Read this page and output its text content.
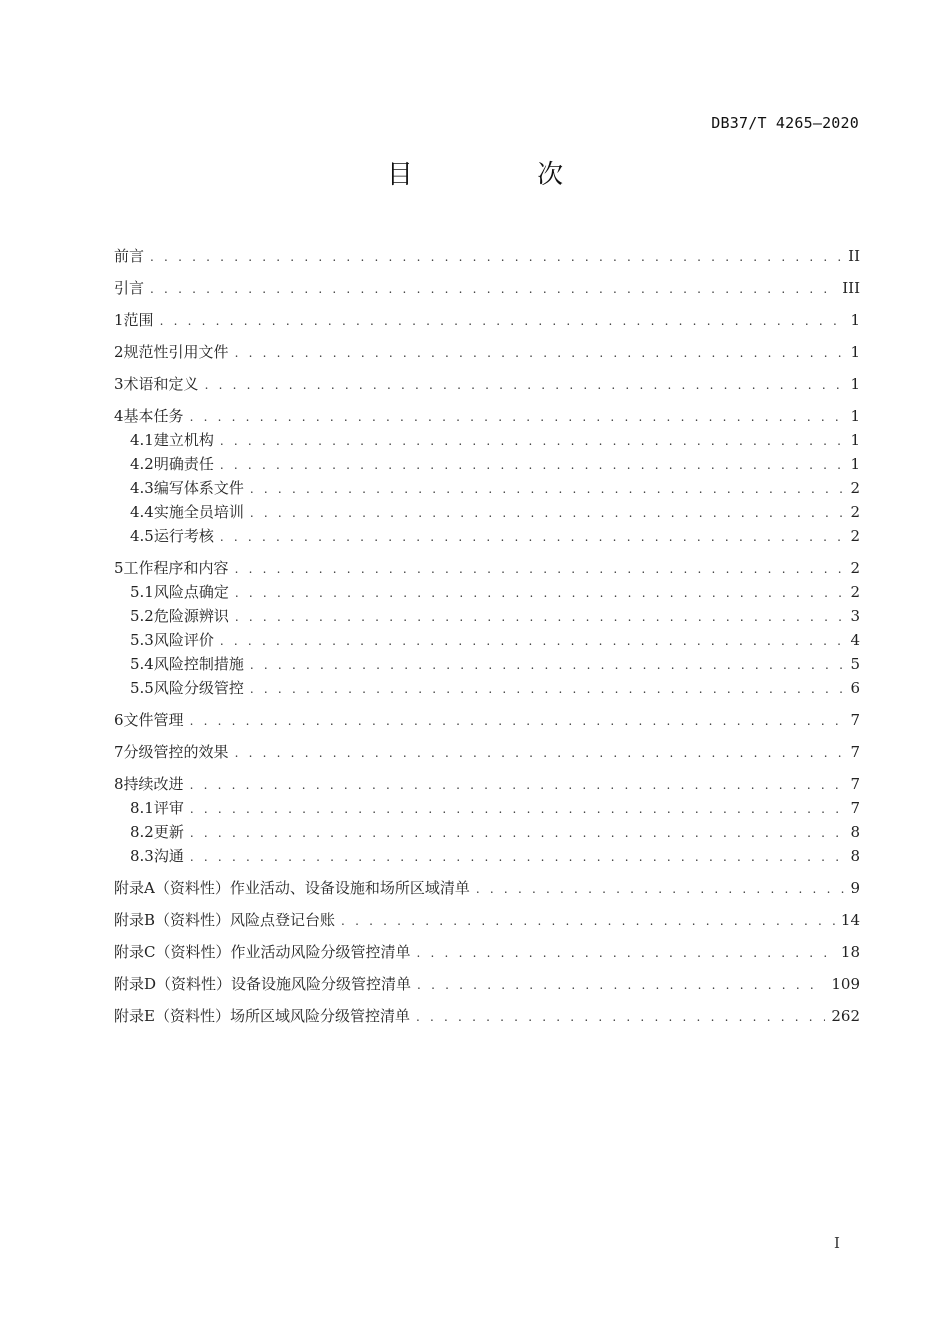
DB37/T 4265—2020
目 次
前言 . . .	II
引言 . . .	III
1 范围 . . .	1
2 规范性引用文件 . . .	1
3 术语和定义 . . .	1
4 基本任务 . . .	1
4.1 建立机构 . . .	1
4.2 明确责任 . . .	1
4.3 编写体系文件 . . .	2
4.4 实施全员培训 . . .	2
4.5 运行考核 . . .	2
5 工作程序和内容 . . .	2
5.1 风险点确定 . . .	2
5.2 危险源辨识 . . .	3
5.3 风险评价 . . .	4
5.4 风险控制措施 . . .	5
5.5 风险分级管控 . . .	6
6 文件管理 . . .	7
7 分级管控的效果 . . .	7
8 持续改进 . . .	7
8.1 评审 . . .	7
8.2 更新 . . .	8
8.3 沟通 . . .	8
附录A（资料性） 作业活动、设备设施和场所区域清单 . . .	9
附录B（资料性） 风险点登记台账 . . .	14
附录C（资料性） 作业活动风险分级管控清单 . . .	18
附录D（资料性） 设备设施风险分级管控清单 . . .	109
附录E（资料性） 场所区域风险分级管控清单 . . .	262
I
